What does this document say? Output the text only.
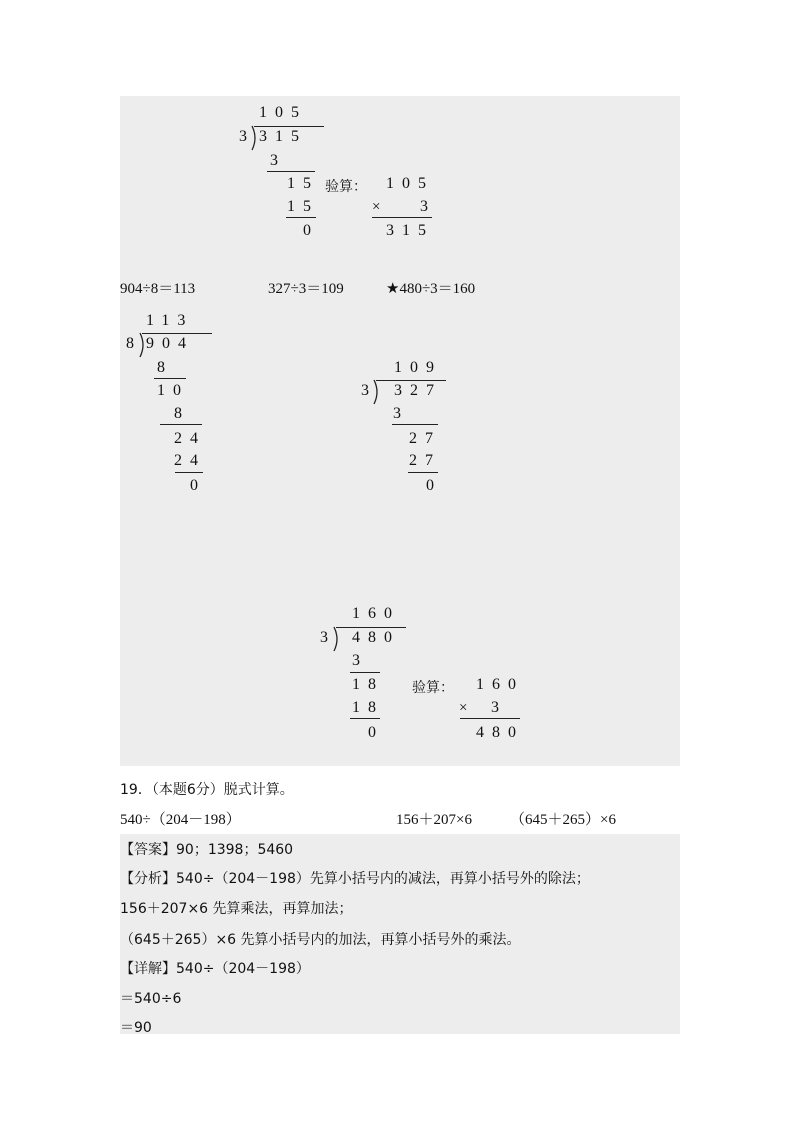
105
3 315
3
15
15
0
验算： 105
× 3
315
904÷8＝113	327÷3＝109	★480÷3＝160
113
8 904
8
10
8
24
24
0
109
3 327
3
27
27
0
160
3 480
3
18
18
0
验算： 160
× 3
480
19．（本题6分）脱式计算。
540÷（204－198）	156＋207×6	（645＋265）×6
【答案】90；1398；5460
【分析】540÷（204－198）先算小括号内的减法，再算小括号外的除法；
156＋207×6 先算乘法，再算加法；
（645＋265）×6 先算小括号内的加法，再算小括号外的乘法。
【详解】540÷（204－198）
＝540÷6
＝90
